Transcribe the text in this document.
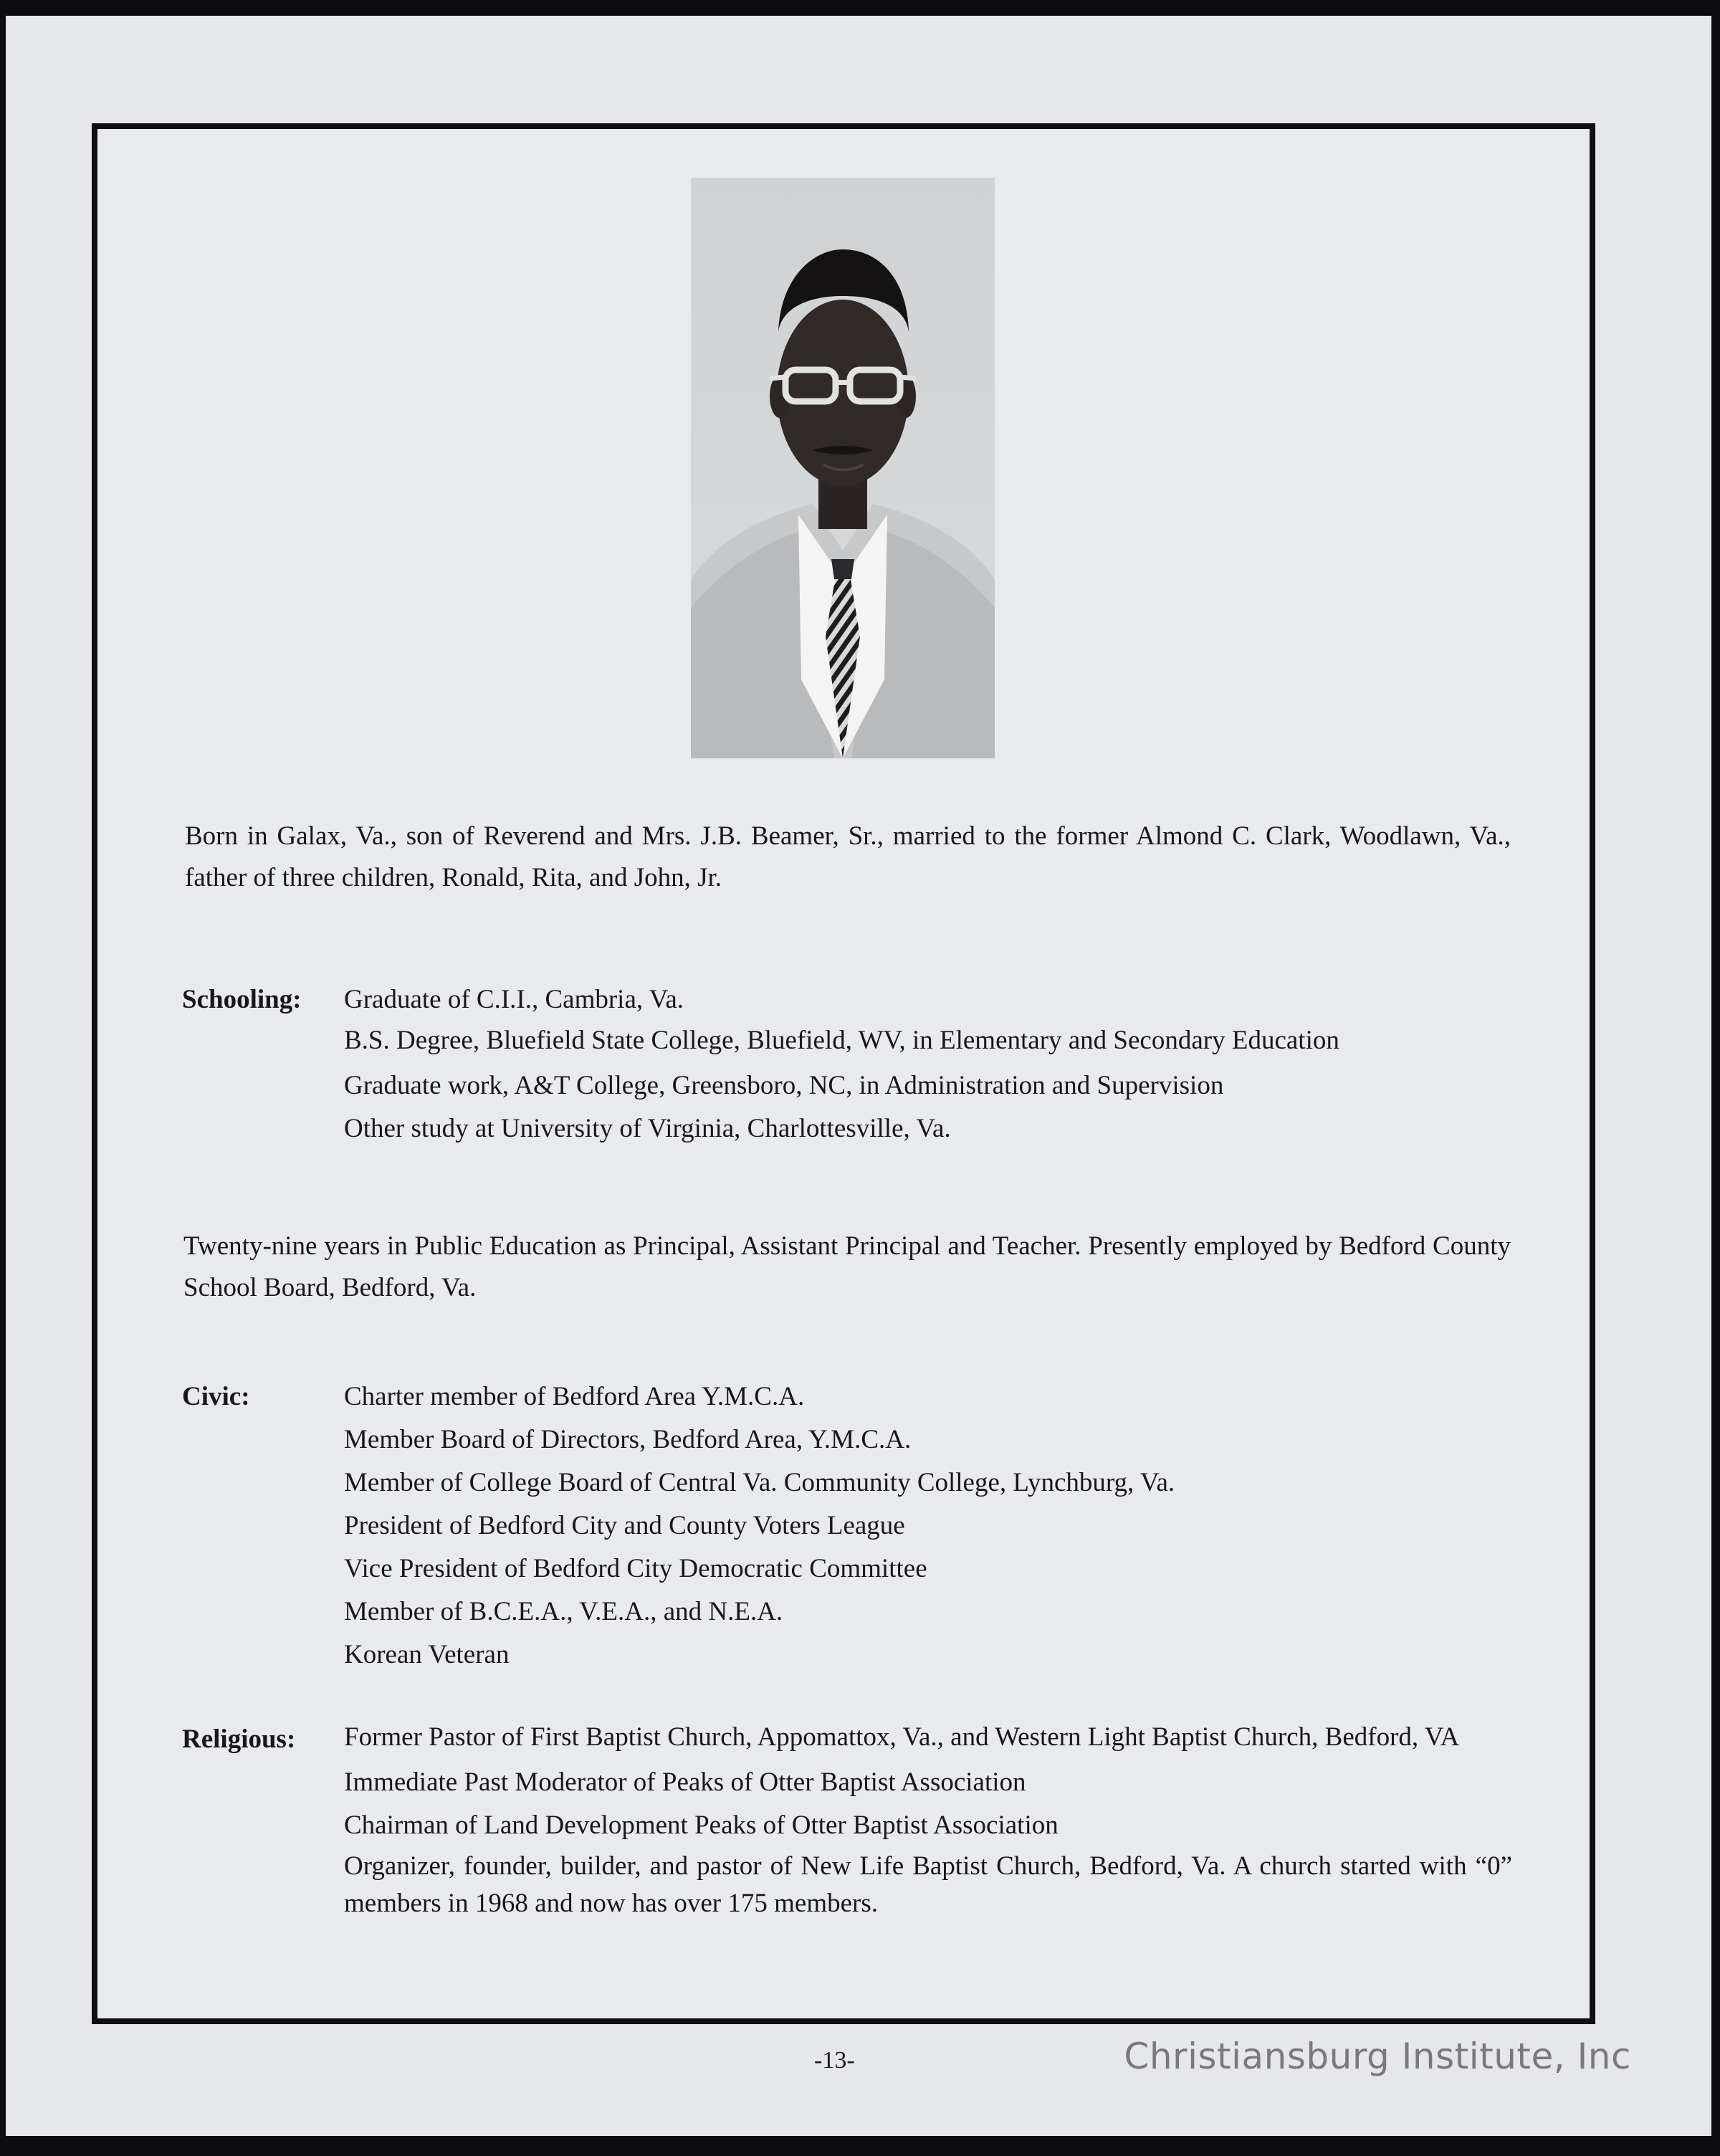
Born in Galax, Va., son of Reverend and Mrs. J.B. Beamer, Sr., married to the former Almond C. Clark, Woodlawn, Va., father of three children, Ronald, Rita, and John, Jr.

Schooling: Graduate of C.I.I., Cambria, Va.
B.S. Degree, Bluefield State College, Bluefield, WV, in Elementary and Secondary Education
Graduate work, A&T College, Greensboro, NC, in Administration and Supervision
Other study at University of Virginia, Charlottesville, Va.

Twenty-nine years in Public Education as Principal, Assistant Principal and Teacher. Presently employed by Bedford County School Board, Bedford, Va.

Civic:	Charter member of Bedford Area Y.M.C.A.
Member Board of Directors, Bedford Area, Y.M.C.A.
Member of College Board of Central Va. Community College, Lynchburg, Va.
President of Bedford City and County Voters League
Vice President of Bedford City Democratic Committee
Member of B.C.E.A., V.E.A., and N.E.A.
Korean Veteran
Religious: Former Pastor of First Baptist Church, Appomattox, Va., and Western Light Baptist Church, Bedford, VA
Immediate Past Moderator of Peaks of Otter Baptist Association
Chairman of Land Development Peaks of Otter Baptist Association
Organizer, founder, builder, and pastor of New Life Baptist Church, Bedford, Va. A church started with “0” members in 1968 and now has over 175 members.
-13-	Christiansburg Institute, Inc
